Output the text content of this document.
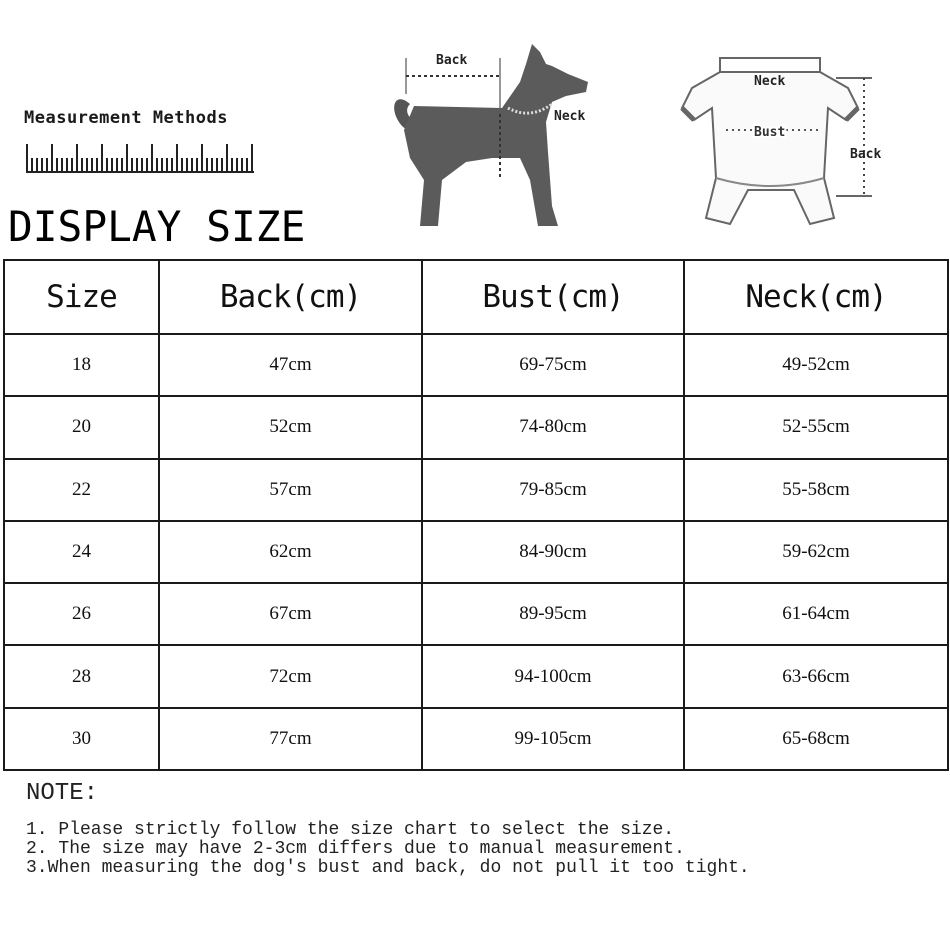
Measurement Methods
DISPLAY SIZE
Back
Neck
Bust
Neck
Bust
Back
Size	Back(cm)	Bust(cm)	Neck(cm)
18	47cm	69-75cm	49-52cm
20	52cm	74-80cm	52-55cm
22	57cm	79-85cm	55-58cm
24	62cm	84-90cm	59-62cm
26	67cm	89-95cm	61-64cm
28	72cm	94-100cm	63-66cm
30	77cm	99-105cm	65-68cm
NOTE:
1. Please strictly follow the size chart to select the size.
2. The size may have 2-3cm differs due to manual measurement.
3.When measuring the dog's bust and back, do not pull it too tight.
